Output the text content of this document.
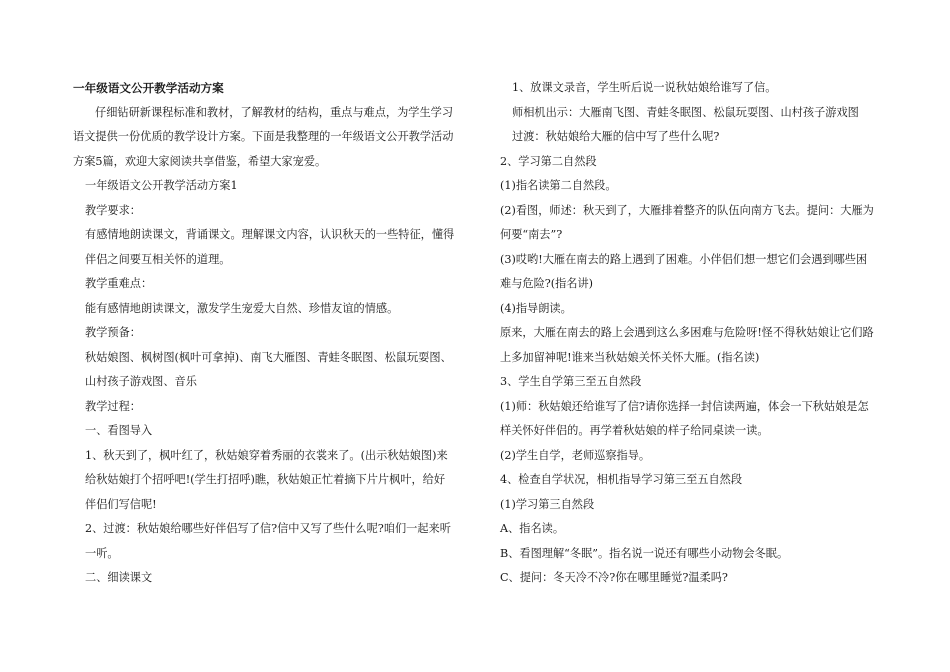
一年级语文公开教学活动方案

仔细钻研新课程标准和教材，了解教材的结构，重点与难点，为学生学习语文提供一份优质的教学设计方案。下面是我整理的一年级语文公开教学活动方案5篇，欢迎大家阅读共享借鉴，希望大家宠爱。

一年级语文公开教学活动方案1

教学要求：

有感情地朗读课文，背诵课文。理解课文内容，认识秋天的一些特征，懂得伴侣之间要互相关怀的道理。

教学重难点：

能有感情地朗读课文，激发学生宠爱大自然、珍惜友谊的情感。

教学预备：

秋姑娘图、枫树图(枫叶可拿掉)、南飞大雁图、青蛙冬眠图、松鼠玩耍图、山村孩子游戏图、音乐

教学过程：

一、看图导入

1、秋天到了，枫叶红了，秋姑娘穿着秀丽的衣裳来了。(出示秋姑娘图)来给秋姑娘打个招呼吧!(学生打招呼)瞧，秋姑娘正忙着摘下片片枫叶，给好伴侣们写信呢!

2、过渡：秋姑娘给哪些好伴侣写了信?信中又写了些什么呢?咱们一起来听一听。

二、细读课文

1、放课文录音，学生听后说一说秋姑娘给谁写了信。

师相机出示：大雁南飞图、青蛙冬眠图、松鼠玩耍图、山村孩子游戏图

过渡：秋姑娘给大雁的信中写了些什么呢?

2、学习第二自然段

(1)指名读第二自然段。

(2)看图，师述：秋天到了，大雁排着整齐的队伍向南方飞去。提问：大雁为何要“南去”?

(3)哎哟!大雁在南去的路上遇到了困难。小伴侣们想一想它们会遇到哪些困难与危险?(指名讲)

(4)指导朗读。

原来，大雁在南去的路上会遇到这么多困难与危险呀!怪不得秋姑娘让它们路上多加留神呢!谁来当秋姑娘关怀关怀大雁。(指名读)

3、学生自学第三至五自然段

(1)师：秋姑娘还给谁写了信?请你选择一封信读两遍，体会一下秋姑娘是怎样关怀好伴侣的。再学着秋姑娘的样子给同桌读一读。

(2)学生自学，老师巡察指导。

4、检查自学状况，相机指导学习第三至五自然段

(1)学习第三自然段

A、指名读。

B、看图理解“冬眠”。指名说一说还有哪些小动物会冬眠。

C、提问：冬天冷不冷?你在哪里睡觉?温柔吗?
